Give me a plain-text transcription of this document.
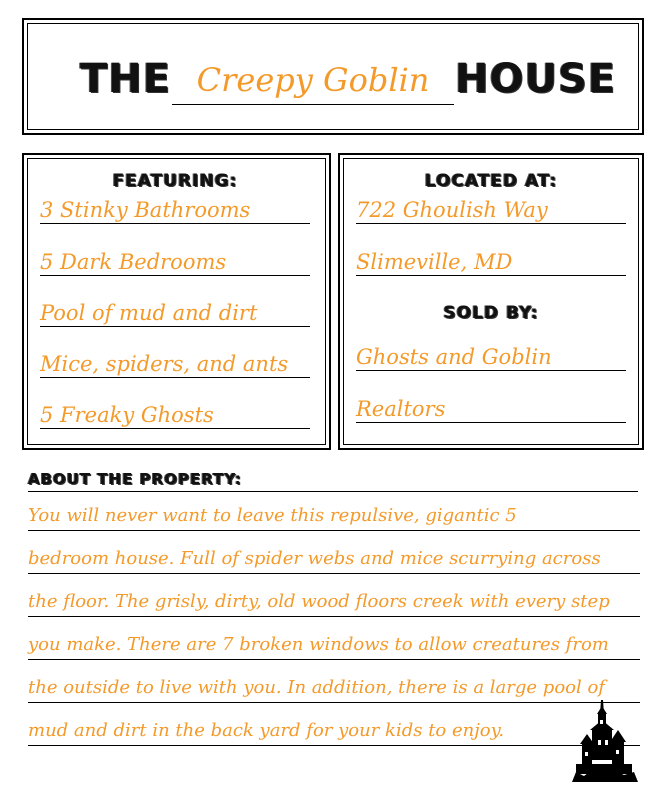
THE Creepy Goblin HOUSE
FEATURING:
3 Stinky Bathrooms
5 Dark Bedrooms
Pool of mud and dirt
Mice, spiders, and ants
5 Freaky Ghosts
LOCATED AT:
722 Ghoulish Way
Slimeville, MD
SOLD BY:
Ghosts and Goblin
Realtors
ABOUT THE PROPERTY:
You will never want to leave this repulsive, gigantic 5
bedroom house. Full of spider webs and mice scurrying across
the floor. The grisly, dirty, old wood floors creek with every step
you make. There are 7 broken windows to allow creatures from
the outside to live with you. In addition, there is a large pool of
mud and dirt in the back yard for your kids to enjoy.
